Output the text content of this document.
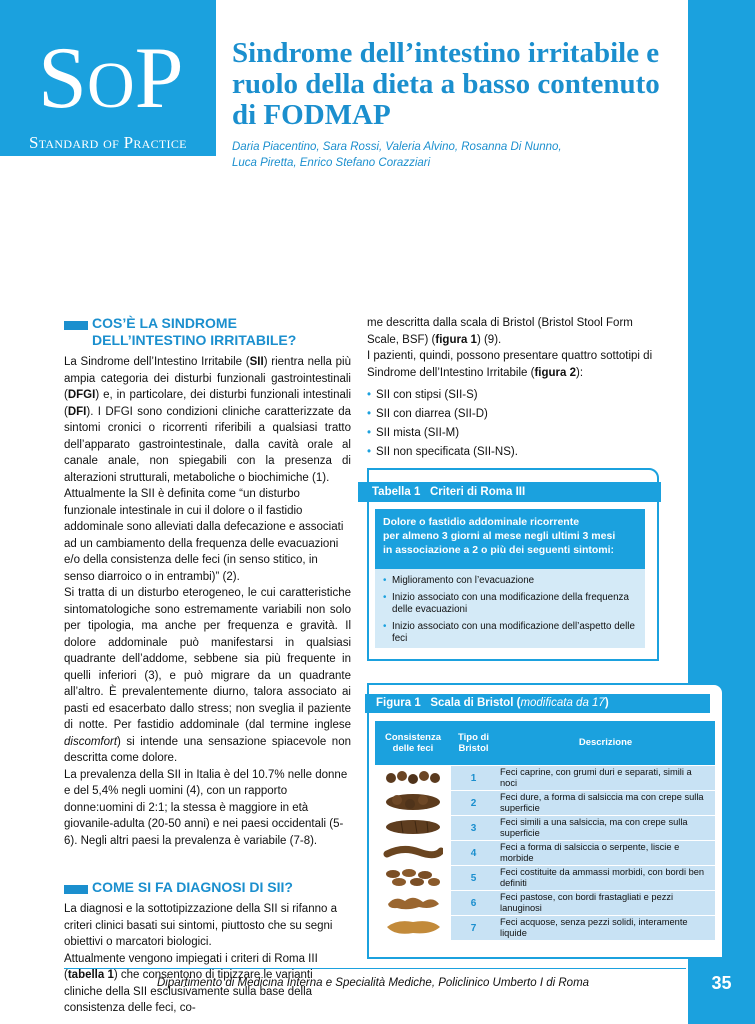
SOP
Standard of Practice
Sindrome dell’intestino irritabile e ruolo della dieta a basso contenuto di FODMAP
Daria Piacentino, Sara Rossi, Valeria Alvino, Rosanna Di Nunno,
Luca Piretta, Enrico Stefano Corazziari
COS’È LA SINDROME
DELL’INTESTINO IRRITABILE?

La Sindrome dell’Intestino Irritabile (SII) rientra nella più ampia categoria dei disturbi funzionali gastrointestinali (DFGI) e, in particolare, dei disturbi funzionali intestinali (DFI). I DFGI sono condizioni cliniche caratterizzate da sintomi cronici o ricorrenti riferibili a qualsiasi tratto dell’apparato gastrointestinale, dalla cavità orale al canale anale, non spiegabili con la presenza di alterazioni strutturali, metaboliche o biochimiche (1).

Attualmente la SII è definita come “un disturbo funzionale intestinale in cui il dolore o il fastidio addominale sono alleviati dalla defecazione e associati ad un cambiamento della frequenza delle evacuazioni e/o della consistenza delle feci (in senso stitico, in senso diarroico o in entrambi)” (2).

Si tratta di un disturbo eterogeneo, le cui caratteristiche sintomatologiche sono estremamente variabili non solo per tipologia, ma anche per frequenza e gravità. Il dolore addominale può manifestarsi in qualsiasi quadrante dell’addome, sebbene sia più frequente in quelli inferiori (3), e può migrare da un quadrante all’altro. È prevalentemente diurno, talora associato ai pasti ed esacerbato dallo stress; non sveglia il paziente di notte. Per fastidio addominale (dal termine inglese discomfort) si intende una sensazione spiacevole non descritta come dolore.

La prevalenza della SII in Italia è del 10.7% nelle donne e del 5,4% negli uomini (4), con un rapporto donne:uomini di 2:1; la stessa è maggiore in età giovanile-adulta (20-50 anni) e nei paesi occidentali (5-6). Negli altri paesi la prevalenza è variabile (7-8).

COME SI FA DIAGNOSI DI SII?

La diagnosi e la sottotipizzazione della SII si rifanno a criteri clinici basati sui sintomi, piuttosto che su segni obiettivi o marcatori biologici.

Attualmente vengono impiegati i criteri di Roma III (tabella 1) che consentono di tipizzare le varianti cliniche della SII esclusivamente sulla base della consistenza delle feci, co-

me descritta dalla scala di Bristol (Bristol Stool Form Scale, BSF) (figura 1) (9).

I pazienti, quindi, possono presentare quattro sottotipi di Sindrome dell’Intestino Irritabile (figura 2):

• SII con stipsi (SII-S)
• SII con diarrea (SII-D)
• SII mista (SII-M)
• SII non specificata (SII-NS).
Tabella 1   Criteri di Roma III
Dolore o fastidio addominale ricorrente
per almeno 3 giorni al mese negli ultimi 3 mesi
in associazione a 2 o più dei seguenti sintomi:
• Miglioramento con l’evacuazione
• Inizio associato con una modificazione della frequenza delle evacuazioni
• Inizio associato con una modificazione dell’aspetto delle feci
Figura 1   Scala di Bristol (modificata da 17)
Consistenza delle feci	Tipo di Bristol	Descrizione
	1	Feci caprine, con grumi duri e separati, simili a noci
	2	Feci dure, a forma di salsiccia ma con crepe sulla superficie
	3	Feci simili a una salsiccia, ma con crepe sulla superficie
	4	Feci a forma di salsiccia o serpente, liscie e morbide
	5	Feci costituite da ammassi morbidi, con bordi ben definiti
	6	Feci pastose, con bordi frastagliati e pezzi lanuginosi
	7	Feci acquose, senza pezzi solidi, interamente liquide
Dipartimento di Medicina Interna e Specialità Mediche, Policlinico Umberto I di Roma	35
